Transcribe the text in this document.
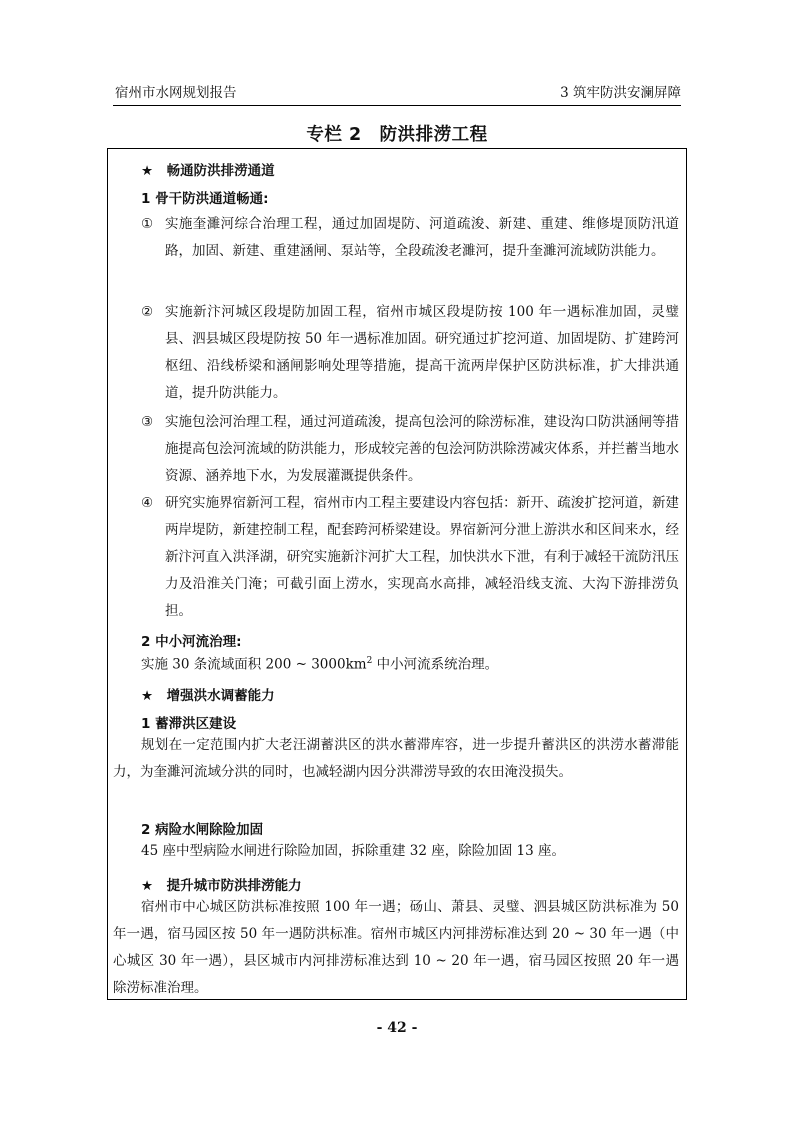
宿州市水网规划报告	3 筑牢防洪安澜屏障
专栏 2　防洪排涝工程
★　畅通防洪排涝通道
1 骨干防洪通道畅通:
① 实施奎濉河综合治理工程，通过加固堤防、河道疏浚、新建、重建、维修堤顶防汛道路，加固、新建、重建涵闸、泵站等，全段疏浚老濉河，提升奎濉河流域防洪能力。
② 实施新汴河城区段堤防加固工程，宿州市城区段堤防按 100 年一遇标准加固，灵璧县、泗县城区段堤防按 50 年一遇标准加固。研究通过扩挖河道、加固堤防、扩建跨河枢纽、沿线桥梁和涵闸影响处理等措施，提高干流两岸保护区防洪标准，扩大排洪通道，提升防洪能力。
③ 实施包浍河治理工程，通过河道疏浚，提高包浍河的除涝标准，建设沟口防洪涵闸等措施提高包浍河流域的防洪能力，形成较完善的包浍河防洪除涝减灾体系，并拦蓄当地水资源、涵养地下水，为发展灌溉提供条件。
④ 研究实施界宿新河工程，宿州市内工程主要建设内容包括：新开、疏浚扩挖河道，新建两岸堤防，新建控制工程，配套跨河桥梁建设。界宿新河分泄上游洪水和区间来水，经新汴河直入洪泽湖，研究实施新汴河扩大工程，加快洪水下泄，有利于减轻干流防汛压力及沿淮关门淹；可截引面上涝水，实现高水高排，减轻沿线支流、大沟下游排涝负担。
2 中小河流治理:
实施 30 条流域面积 200 ~ $3000km^2$ 中小河流系统治理。
★　增强洪水调蓄能力
1 蓄滞洪区建设
规划在一定范围内扩大老汪湖蓄洪区的洪水蓄滞库容，进一步提升蓄洪区的洪涝水蓄滞能力，为奎濉河流域分洪的同时，也减轻湖内因分洪滞涝导致的农田淹没损失。
2 病险水闸除险加固
45 座中型病险水闸进行除险加固，拆除重建 32 座，除险加固 13 座。
★　提升城市防洪排涝能力
宿州市中心城区防洪标准按照 100 年一遇；砀山、萧县、灵璧、泗县城区防洪标准为 50 年一遇，宿马园区按 50 年一遇防洪标准。宿州市城区内河排涝标准达到 20 ~ 30 年一遇（中心城区 30 年一遇），县区城市内河排涝标准达到 10 ~ 20 年一遇，宿马园区按照 20 年一遇除涝标准治理。
- 42 -
